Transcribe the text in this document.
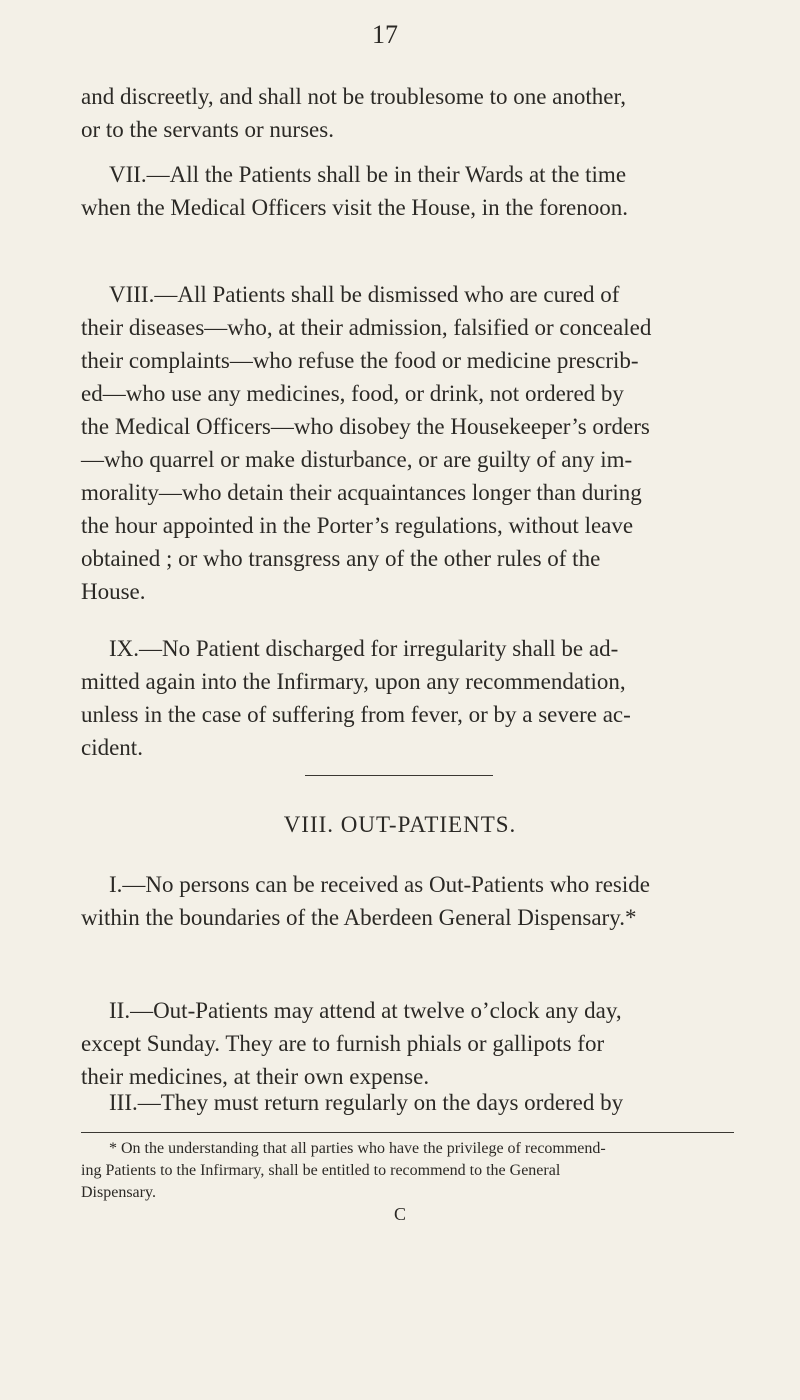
17

and discreetly, and shall not be troublesome to one another,
or to the servants or nurses.

VII.—All the Patients shall be in their Wards at the time
when the Medical Officers visit the House, in the forenoon.

VIII.—All Patients shall be dismissed who are cured of
their diseases—who, at their admission, falsified or concealed
their complaints—who refuse the food or medicine prescrib-
ed—who use any medicines, food, or drink, not ordered by
the Medical Officers—who disobey the Housekeeper’s orders
—who quarrel or make disturbance, or are guilty of any im-
morality—who detain their acquaintances longer than during
the hour appointed in the Porter’s regulations, without leave
obtained ; or who transgress any of the other rules of the
House.

IX.—No Patient discharged for irregularity shall be ad-
mitted again into the Infirmary, upon any recommendation,
unless in the case of suffering from fever, or by a severe ac-
cident.

VIII. OUT-PATIENTS.

I.—No persons can be received as Out-Patients who reside
within the boundaries of the Aberdeen General Dispensary.*

II.—Out-Patients may attend at twelve o’clock any day,
except Sunday. They are to furnish phials or gallipots for
their medicines, at their own expense.

III.—They must return regularly on the days ordered by

* On the understanding that all parties who have the privilege of recommend-
ing Patients to the Infirmary, shall be entitled to recommend to the General
Dispensary.
C
